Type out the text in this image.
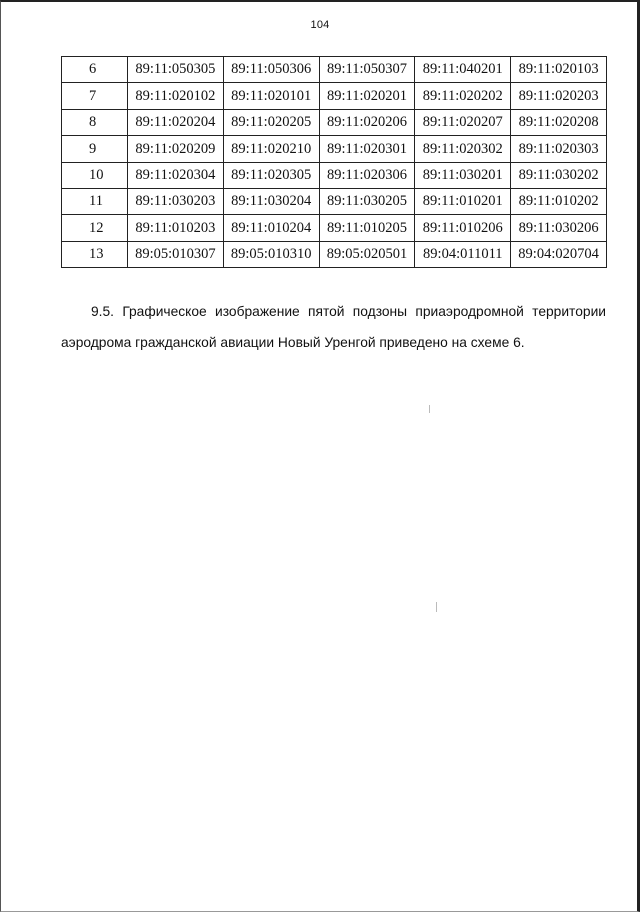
104
6	89:11:050305	89:11:050306	89:11:050307	89:11:040201	89:11:020103
7	89:11:020102	89:11:020101	89:11:020201	89:11:020202	89:11:020203
8	89:11:020204	89:11:020205	89:11:020206	89:11:020207	89:11:020208
9	89:11:020209	89:11:020210	89:11:020301	89:11:020302	89:11:020303
10	89:11:020304	89:11:020305	89:11:020306	89:11:030201	89:11:030202
11	89:11:030203	89:11:030204	89:11:030205	89:11:010201	89:11:010202
12	89:11:010203	89:11:010204	89:11:010205	89:11:010206	89:11:030206
13	89:05:010307	89:05:010310	89:05:020501	89:04:011011	89:04:020704
9.5. Графическое изображение пятой подзоны приаэродромной территории аэродрома гражданской авиации Новый Уренгой приведено на схеме 6.
